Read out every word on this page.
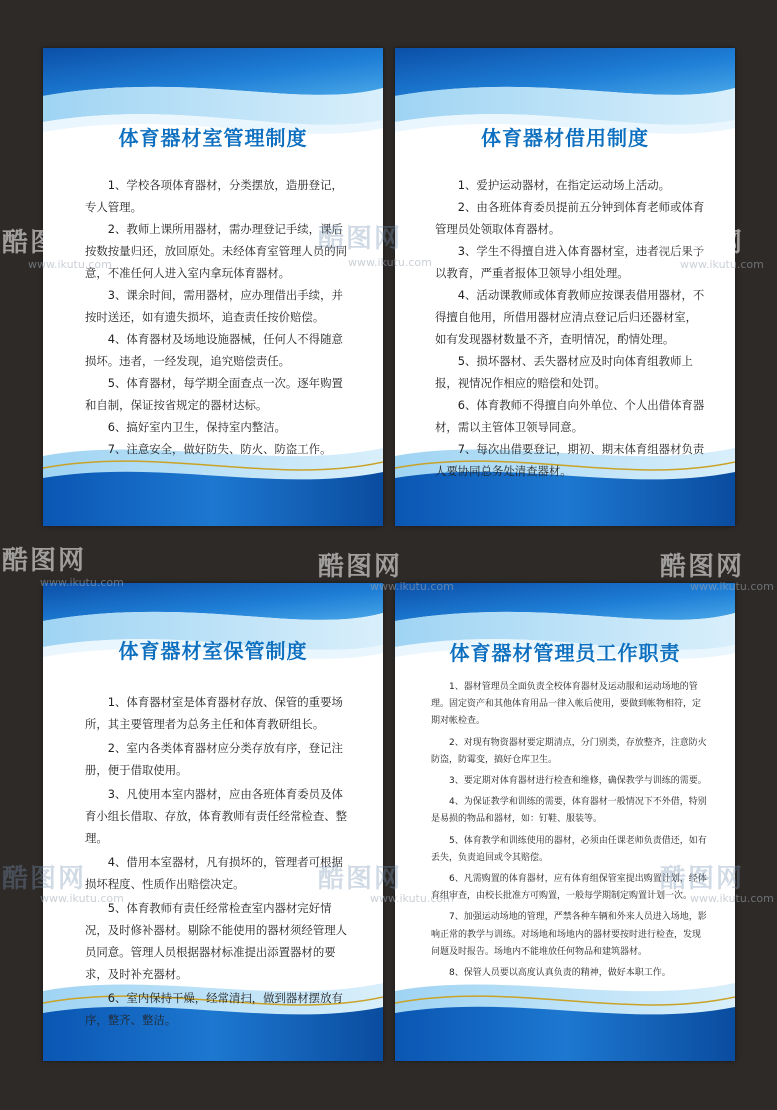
体育器材室管理制度

1、学校各项体育器材，分类摆放，造册登记，专人管理。

2、教师上课所用器材，需办理登记手续，课后按数按量归还，放回原处。未经体育室管理人员的同意，不准任何人进入室内拿玩体育器材。

3、课余时间，需用器材，应办理借出手续，并按时送还，如有遗失损坏，追查责任按价赔偿。

4、体育器材及场地设施器械，任何人不得随意损坏。违者，一经发现，追究赔偿责任。

5、体育器材，每学期全面查点一次。逐年购置和自制，保证按省规定的器材达标。

6、搞好室内卫生，保持室内整洁。

7、注意安全，做好防失、防火、防盗工作。

体育器材借用制度

1、爱护运动器材，在指定运动场上活动。

2、由各班体育委员提前五分钟到体育老师或体育管理员处领取体育器材。

3、学生不得擅自进入体育器材室，违者视后果予以教育，严重者报体卫领导小组处理。

4、活动课教师或体育教师应按课表借用器材，不得擅自他用，所借用器材应清点登记后归还器材室，如有发现器材数量不齐，查明情况，酌情处理。

5、损坏器材、丢失器材应及时向体育组教师上报，视情况作相应的赔偿和处罚。

6、体育教师不得擅自向外单位、个人出借体育器材，需以主管体卫领导同意。

7、每次出借要登记，期初、期末体育组器材负责人要协同总务处清查器材。

体育器材室保管制度

1、体育器材室是体育器材存放、保管的重要场所，其主要管理者为总务主任和体育教研组长。

2、室内各类体育器材应分类存放有序，登记注册，便于借取使用。

3、凡使用本室内器材，应由各班体育委员及体育小组长借取、存放，体育教师有责任经常检查、整理。

4、借用本室器材，凡有损坏的，管理者可根据损坏程度、性质作出赔偿决定。

5、体育教师有责任经常检查室内器材完好情况，及时修补器材。剔除不能使用的器材须经管理人员同意。管理人员根据器材标准提出添置器材的要求，及时补充器材。

6、室内保持干燥，经常清扫，做到器材摆放有序，整齐、整洁。

体育器材管理员工作职责

1、器材管理员全面负责全校体育器材及运动服和运动场地的管理。固定资产和其他体育用品一律入帐后使用，要做到帐物相符，定期对帐检查。

2、对现有物资器材要定期清点，分门别类，存放整齐，注意防火防盗，防霉变，搞好仓库卫生。

3、要定期对体育器材进行检查和维修，确保教学与训练的需要。

4、为保证教学和训练的需要，体育器材一般情况下不外借，特别是易损的物品和器材，如：钉鞋、服装等。

5、体育教学和训练使用的器材，必须由任课老师负责借还，如有丢失，负责追回或令其赔偿。

6、凡需购置的体育器材，应有体育组保管室提出购置计划，经体育组审查，由校长批准方可购置，一般每学期制定购置计划一次。

7、加强运动场地的管理，严禁各种车辆和外来人员进入场地，影响正常的教学与训练。对场地和场地内的器材要按时进行检查，发现问题及时报告。场地内不能堆放任何物品和建筑器材。

8、保管人员要以高度认真负责的精神，做好本职工作。

酷图网
www.ikutu.com
酷图网
www.ikutu.com
酷图网
www.ikutu.com
酷图网
www.ikutu.com
酷图网
www.ikutu.com
酷图网
www.ikutu.com
酷图网
www.ikutu.com
酷图网
www.ikutu.com
酷图网
www.ikutu.com
